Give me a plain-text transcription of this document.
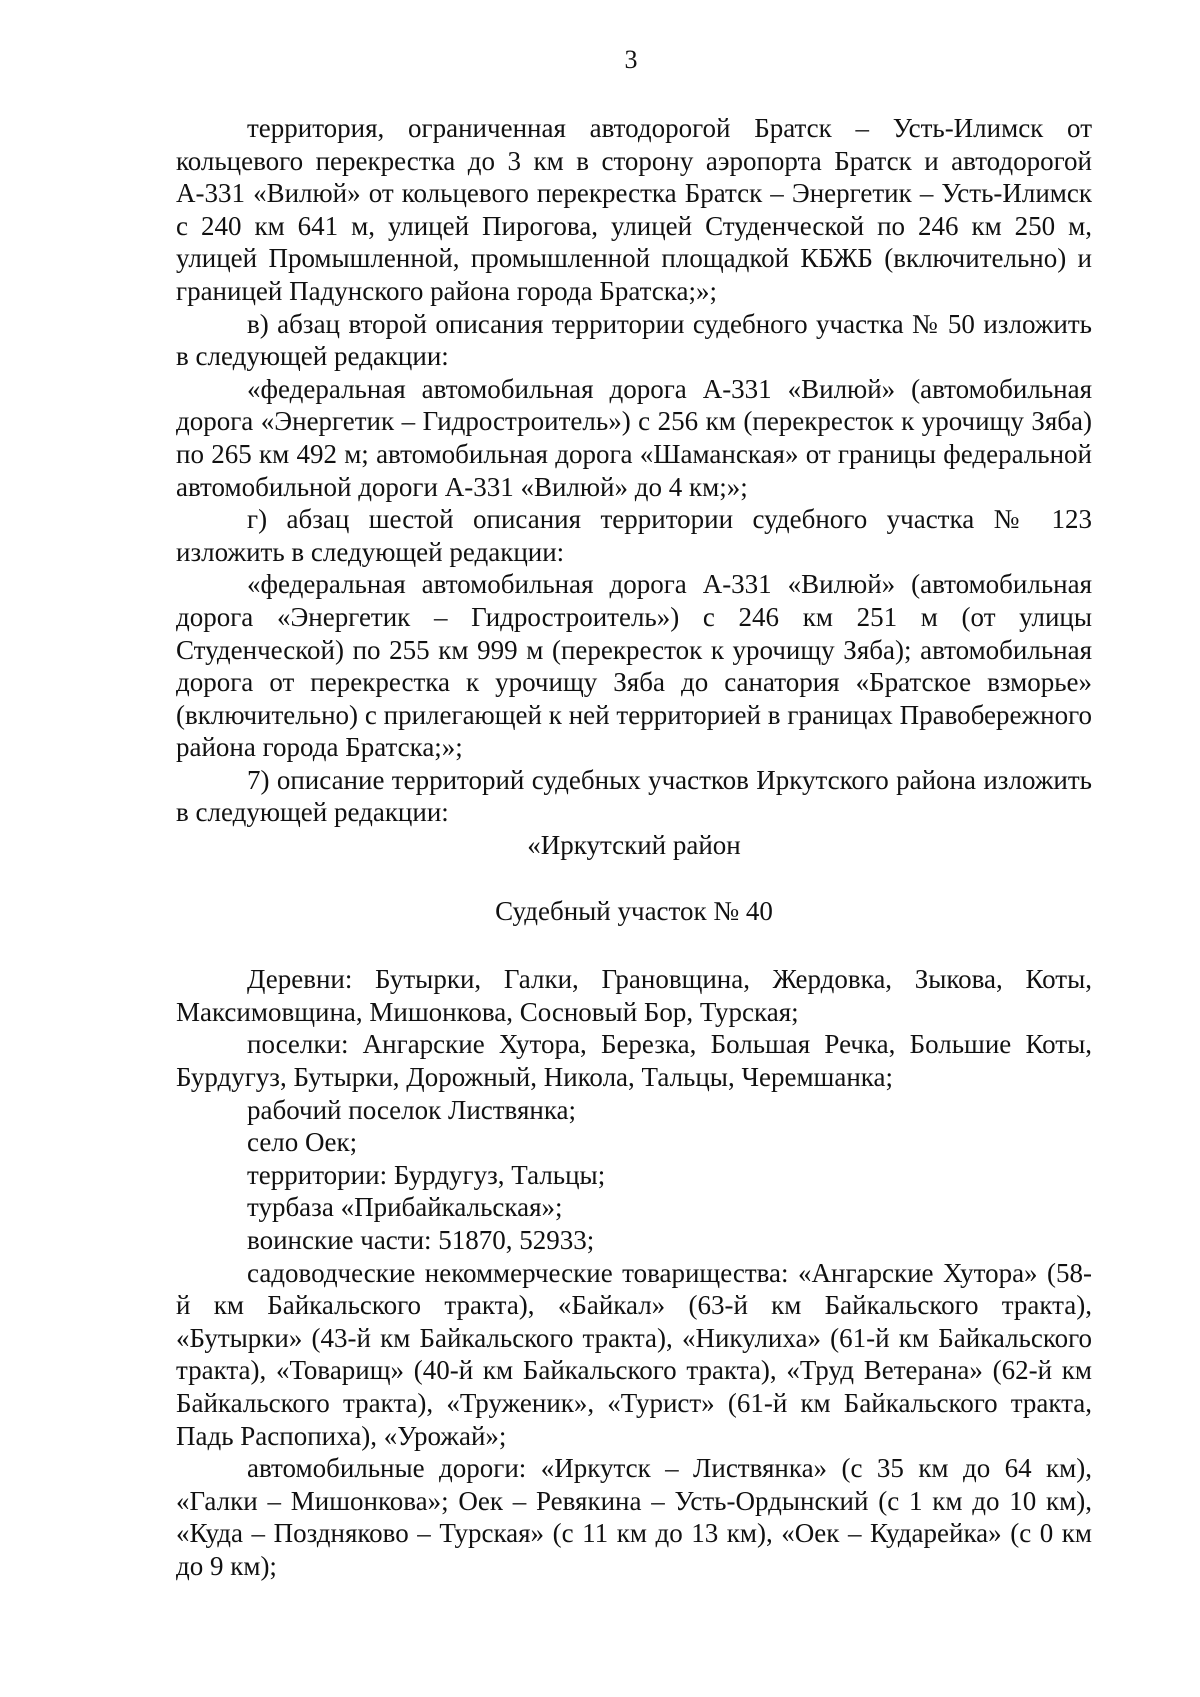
3

территория, ограниченная автодорогой Братск – Усть-Илимск от кольцевого перекрестка до 3 км в сторону аэропорта Братск и автодорогой А-331 «Вилюй» от кольцевого перекрестка Братск – Энергетик – Усть-Илимск с 240 км 641 м, улицей Пирогова, улицей Студенческой по 246 км 250 м, улицей Промышленной, промышленной площадкой КБЖБ (включительно) и границей Падунского района города Братска;»;

в) абзац второй описания территории судебного участка № 50 изложить в следующей редакции:

«федеральная автомобильная дорога А-331 «Вилюй» (автомобильная дорога «Энергетик – Гидростроитель») с 256 км (перекресток к урочищу Зяба) по 265 км 492 м; автомобильная дорога «Шаманская» от границы федеральной автомобильной дороги А-331 «Вилюй» до 4 км;»;

г) абзац шестой описания территории судебного участка № 123 изложить в следующей редакции:

«федеральная автомобильная дорога А-331 «Вилюй» (автомобильная дорога «Энергетик – Гидростроитель») с 246 км 251 м (от улицы Студенческой) по 255 км 999 м (перекресток к урочищу Зяба); автомобильная дорога от перекрестка к урочищу Зяба до санатория «Братское взморье» (включительно) с прилегающей к ней территорией в границах Правобережного района города Братска;»;

7) описание территорий судебных участков Иркутского района изложить в следующей редакции:

«Иркутский район

Судебный участок № 40

Деревни: Бутырки, Галки, Грановщина, Жердовка, Зыкова, Коты, Максимовщина, Мишонкова, Сосновый Бор, Турская;

поселки: Ангарские Хутора, Березка, Большая Речка, Большие Коты, Бурдугуз, Бутырки, Дорожный, Никола, Тальцы, Черемшанка;

рабочий поселок Листвянка;

село Оек;

территории: Бурдугуз, Тальцы;

турбаза «Прибайкальская»;

воинские части: 51870, 52933;

садоводческие некоммерческие товарищества: «Ангарские Хутора» (58-й км Байкальского тракта), «Байкал» (63-й км Байкальского тракта), «Бутырки» (43-й км Байкальского тракта), «Никулиха» (61-й км Байкальского тракта), «Товарищ» (40-й км Байкальского тракта), «Труд Ветерана» (62-й км Байкальского тракта), «Труженик», «Турист» (61-й км Байкальского тракта, Падь Распопиха), «Урожай»;

автомобильные дороги: «Иркутск – Листвянка» (с 35 км до 64 км), «Галки – Мишонкова»; Оек – Ревякина – Усть-Ордынский (с 1 км до 10 км), «Куда – Поздняково – Турская» (с 11 км до 13 км), «Оек – Кударейка» (с 0 км до 9 км);
